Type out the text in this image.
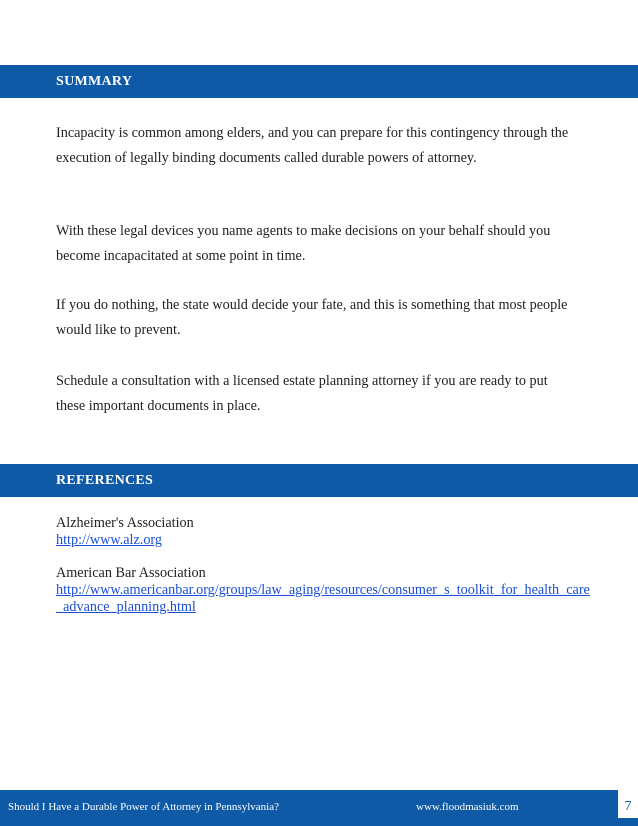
SUMMARY

Incapacity is common among elders, and you can prepare for this contingency through the execution of legally binding documents called durable powers of attorney.

With these legal devices you name agents to make decisions on your behalf should you become incapacitated at some point in time.

If you do nothing, the state would decide your fate, and this is something that most people would like to prevent.

Schedule a consultation with a licensed estate planning attorney if you are ready to put these important documents in place.

REFERENCES
Alzheimer's Association
http://www.alz.org
American Bar Association
http://www.americanbar.org/groups/law_aging/resources/consumer_s_toolkit_for_health_care_advance_planning.html
Should I Have a Durable Power of Attorney in Pennsylvania?	www.floodmasiuk.com	7
